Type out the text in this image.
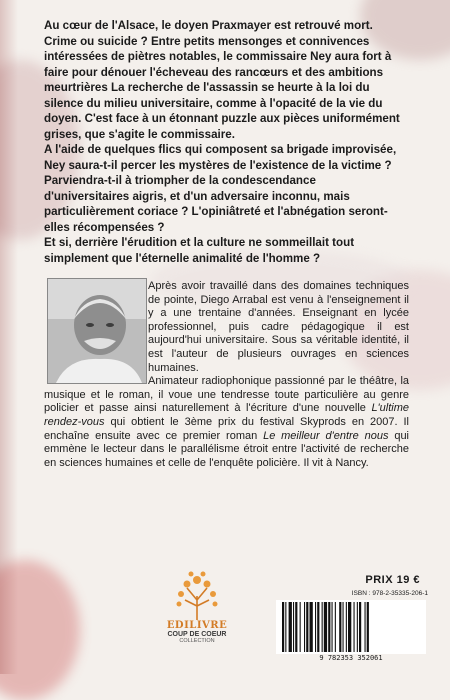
Au cœur de l'Alsace, le doyen Praxmayer est retrouvé mort. Crime ou suicide ? Entre petits mensonges et connivences intéressées de piètres notables, le commissaire Ney aura fort à faire pour dénouer l'écheveau des rancœurs et des ambitions meurtrières La recherche de l'assassin se heurte à la loi du silence du milieu universitaire, comme à l'opacité de la vie du doyen. C'est face à un étonnant puzzle aux pièces uniformément grises, que s'agite le commissaire.

A l'aide de quelques flics qui composent sa brigade improvisée, Ney saura-t-il percer les mystères de l'existence de la victime ? Parviendra-t-il à triompher de la condescendance d'universitaires aigris, et d'un adversaire inconnu, mais particulièrement coriace ? L'opiniâtreté et l'abnégation seront-elles récompensées ?

Et si, derrière l'érudition et la culture ne sommeillait tout simplement que l'éternelle animalité de l'homme ?

Après avoir travaillé dans des domaines techniques de pointe, Diego Arrabal est venu à l'enseignement il y a une trentaine d'années. Enseignant en lycée professionnel, puis cadre pédagogique il est aujourd'hui universitaire. Sous sa véritable identité, il est l'auteur de plusieurs ouvrages en sciences humaines.

Animateur radiophonique passionné par le théâtre, la musique et le roman, il voue une tendresse toute particulière au genre policier et passe ainsi naturellement à l'écriture d'une nouvelle L'ultime rendez-vous qui obtient le 3ème prix du festival Skyprods en 2007. Il enchaîne ensuite avec ce premier roman Le meilleur d'entre nous qui emmène le lecteur dans le parallélisme étroit entre l'activité de recherche en sciences humaines et celle de l'enquête policière. Il vit à Nancy.

EDILIVRE
COUP DE COEUR
COLLECTION
PRIX 19 €
ISBN : 978-2-35335-206-1
9 782353 352061
